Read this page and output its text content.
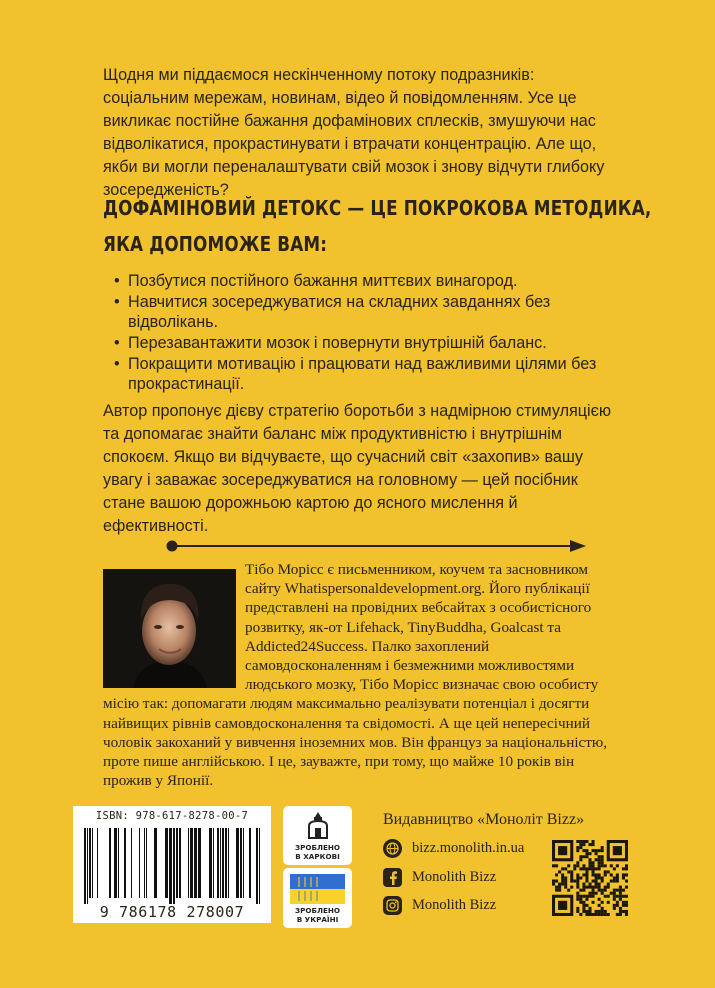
Щодня ми піддаємося нескінченному потоку подразників: соціальним мережам, новинам, відео й повідомленням. Усе це викликає постійне бажання дофамінових сплесків, змушуючи нас відволікатися, прокрастинувати і втрачати концентрацію. Але що, якби ви могли переналаштувати свій мозок і знову відчути глибоку зосередженість?

ДОФАМІНОВИЙ ДЕТОКС — ЦЕ ПОКРОКОВА МЕТОДИКА,
ЯКА ДОПОМОЖЕ ВАМ:
• Позбутися постійного бажання миттєвих винагород.
• Навчитися зосереджуватися на складних завданнях без відволікань.
• Перезавантажити мозок і повернути внутрішній баланс.
• Покращити мотивацію і працювати над важливими цілями без прокрастинації.

Автор пропонує дієву стратегію боротьби з надмірною стимуляцією та допомагає знайти баланс між продуктивністю і внутрішнім спокоєм. Якщо ви відчуваєте, що сучасний світ «захопив» вашу увагу і заважає зосереджуватися на головному — цей посібник стане вашою дорожньою картою до ясного мислення й ефективності.

Тібо Морісс є письменником, коучем та засновником сайту Whatispersonaldevelopment.org. Його публікації представлені на провідних вебсайтах з особистісного розвитку, як-от Lifehack, TinyBuddha, Goalcast та Addicted24Success. Палко захоплений самовдосконаленням і безмежними можливостями людського мозку, Тібо Морісс визначає свою особисту місію так: допомагати людям максимально реалізувати потенціал і досягти найвищих рівнів самовдосконалення та свідомості. А ще цей непересічний чоловік закоханий у вивчення іноземних мов. Він француз за національністю, проте пише англійською. І це, зауважте, при тому, що майже 10 років він прожив у Японії.

ISBN: 978-617-8278-00-7
9 786178 278007
ЗРОБЛЕНО
В ХАРКОВІ
ЗРОБЛЕНО
В УКРАЇНІ
Видавництво «Моноліт Bizz»
bizz.monolith.in.ua
Monolith Bizz
Monolith Bizz
